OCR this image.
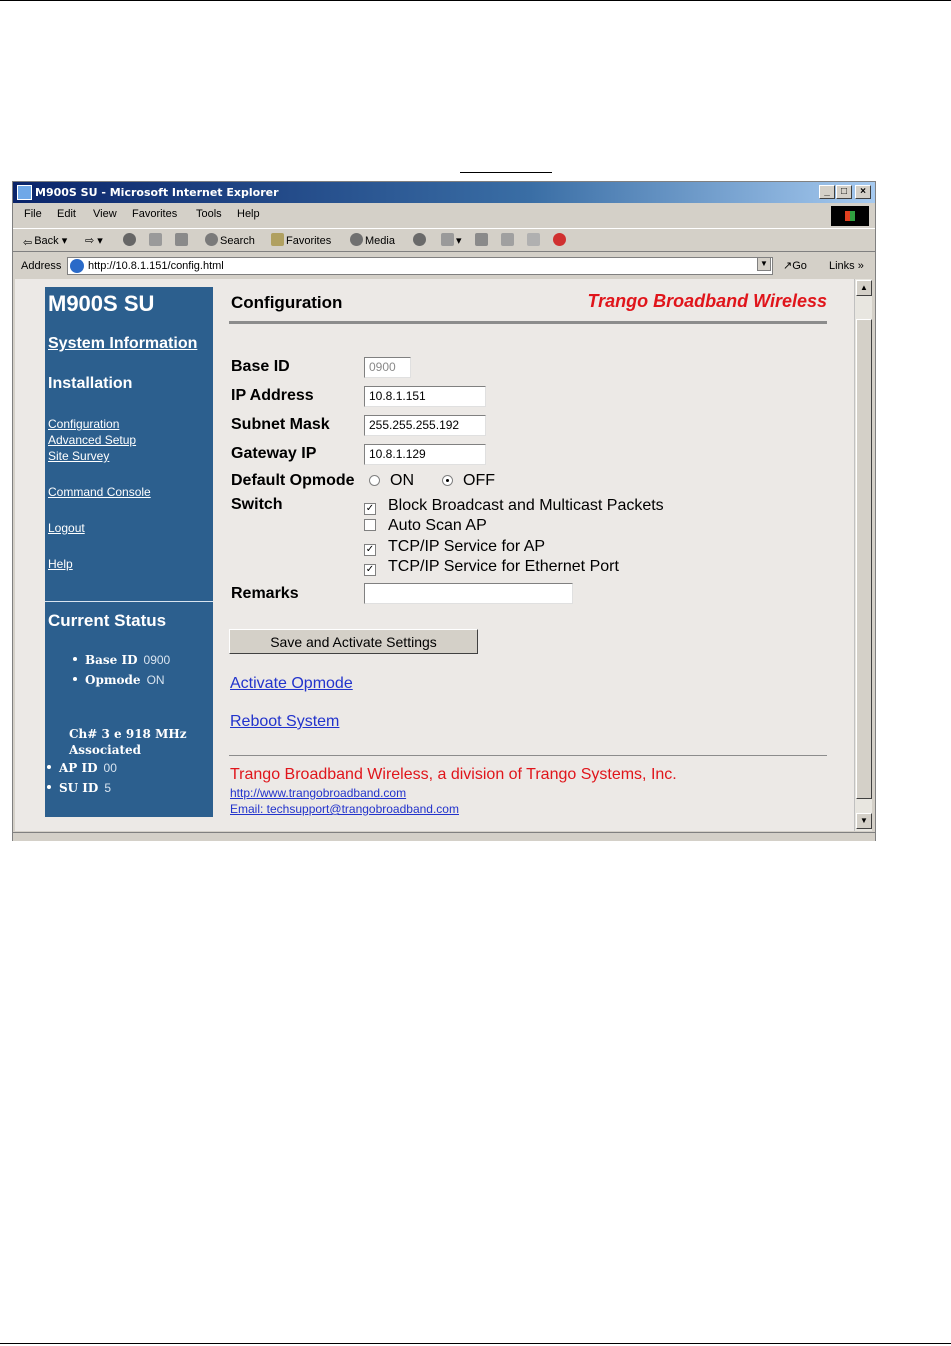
M900S SU - Microsoft Internet Explorer	_	□	×
File Edit View Favorites Tools Help
⇦ Back ▾ ⇨ ▾	Search	Favorites	Media	▾
Address	http://10.8.1.151/config.html	▼ ↗Go Links »
M900S SU
System Information
Installation
Configuration
Advanced Setup
Site Survey
Command Console
Logout
Help
Current Status
Base ID 0900
Opmode ON
Ch# 3 e 918 MHz
Associated
AP ID 00
SU ID 5
Configuration	Trango Broadband Wireless
Base ID	0900
IP Address	10.8.1.151
Subnet Mask	255.255.255.192
Gateway IP	10.8.1.129
Default Opmode	ON	OFF
Switch	✓ Block Broadcast and Multicast Packets
Auto Scan AP
✓ TCP/IP Service for AP
✓ TCP/IP Service for Ethernet Port
Remarks
Save and Activate Settings
Activate Opmode
Reboot System
Trango Broadband Wireless, a division of Trango Systems, Inc.
http://www.trangobroadband.com
Email: techsupport@trangobroadband.com
▲
▼
